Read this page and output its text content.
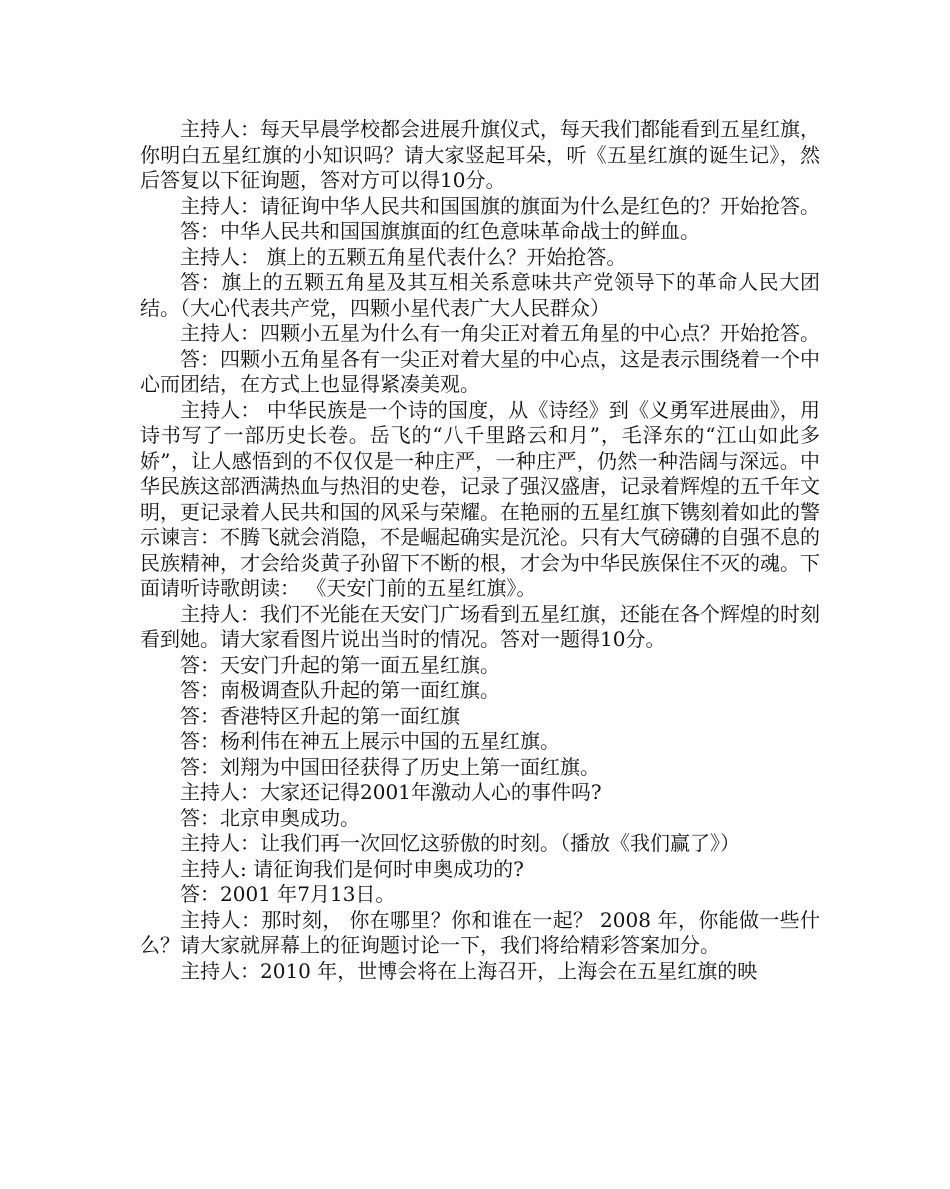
主持人：每天早晨学校都会进展升旗仪式，每天我们都能看到五星红旗，你明白五星红旗的小知识吗？请大家竖起耳朵，听《五星红旗的诞生记》，然后答复以下征询题，答对方可以得10分。

主持人：请征询中华人民共和国国旗的旗面为什么是红色的？开始抢答。

答：中华人民共和国国旗旗面的红色意味革命战士的鲜血。

主持人： 旗上的五颗五角星代表什么？开始抢答。

答：旗上的五颗五角星及其互相关系意味共产党领导下的革命人民大团结。（大心代表共产党，四颗小星代表广大人民群众）

主持人：四颗小五星为什么有一角尖正对着五角星的中心点？开始抢答。

答：四颗小五角星各有一尖正对着大星的中心点，这是表示围绕着一个中心而团结，在方式上也显得紧凑美观。

主持人： 中华民族是一个诗的国度，从《诗经》到《义勇军进展曲》，用诗书写了一部历史长卷。岳飞的“八千里路云和月”，毛泽东的“江山如此多娇”，让人感悟到的不仅仅是一种庄严，一种庄严，仍然一种浩阔与深远。中华民族这部洒满热血与热泪的史卷，记录了强汉盛唐，记录着辉煌的五千年文明，更记录着人民共和国的风采与荣耀。在艳丽的五星红旗下镌刻着如此的警示谏言：不腾飞就会消隐，不是崛起确实是沉沦。只有大气磅礴的自强不息的民族精神，才会给炎黄子孙留下不断的根，才会为中华民族保住不灭的魂。下面请听诗歌朗读： 《天安门前的五星红旗》。

主持人：我们不光能在天安门广场看到五星红旗，还能在各个辉煌的时刻看到她。请大家看图片说出当时的情况。答对一题得10分。

答：天安门升起的第一面五星红旗。

答：南极调查队升起的第一面红旗。

答：香港特区升起的第一面红旗

答：杨利伟在神五上展示中国的五星红旗。

答：刘翔为中国田径获得了历史上第一面红旗。

主持人：大家还记得2001年激动人心的事件吗?

答：北京申奥成功。

主持人：让我们再一次回忆这骄傲的时刻。（播放《我们赢了》）

主持人: 请征询我们是何时申奥成功的?

答：2001 年7月13日。

主持人：那时刻， 你在哪里？你和谁在一起？ 2008 年，你能做一些什么？请大家就屏幕上的征询题讨论一下，我们将给精彩答案加分。

主持人：2010 年，世博会将在上海召开，上海会在五星红旗的映
